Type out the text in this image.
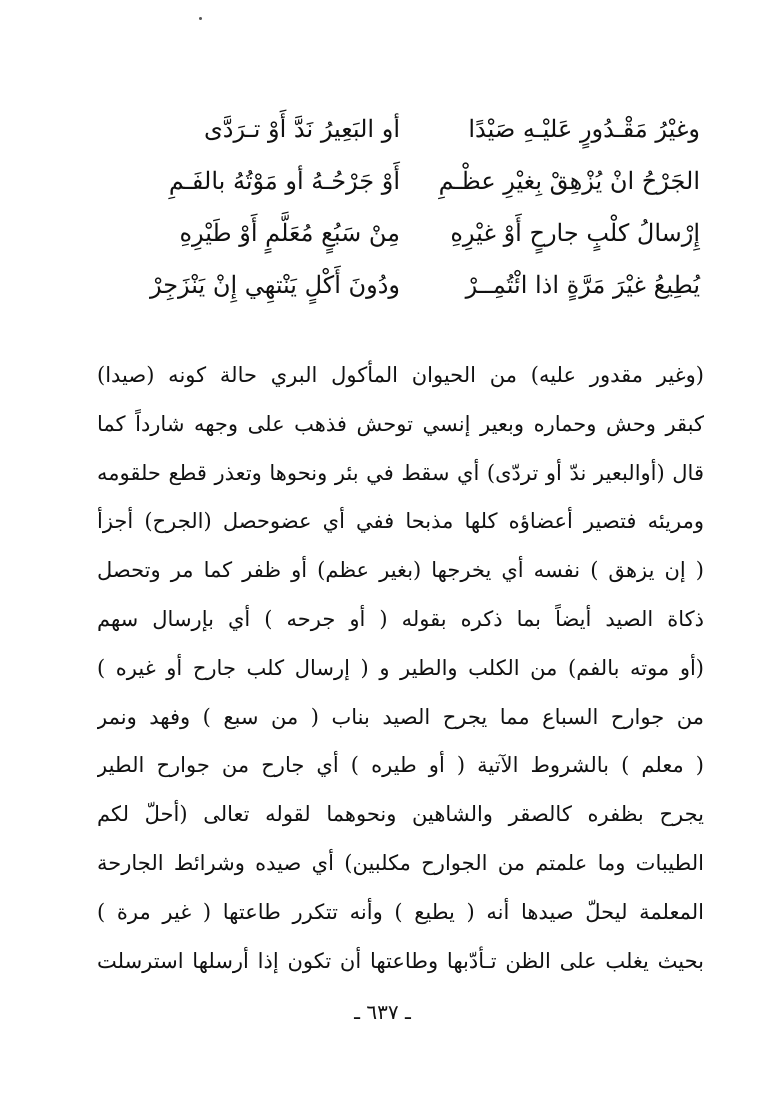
وغيْرُ مَقْـدُورٍ عَليْـهِ صَيْدًا
أو البَعِيرُ نَدَّ أَوْ تـرَدَّى
الجَرْحُ انْ يُزْهِقْ بِغيْرِ عظْـمِ
أَوْ جَرْحُـهُ أو مَوْتُهُ بالفَـمِ
إِرْسالُ كلْبٍ جارحٍ أَوْ غيْرِهِ
مِنْ سَبُعٍ مُعَلَّمٍ أَوْ طَيْرِهِ
يُطِيعُ غيْرَ مَرَّةٍ اذا ائْتُمِــرْ
ودُونَ أَكْلٍ يَنْتهِي إِنْ يَنْزَجِرْ
(وغير مقدور عليه) من الحيوان المأكول البري حالة كونه (صيدا)
كبقر وحش وحماره وبعير إنسي توحش فذهب على وجهه شارداً كما
قال (أوالبعير ندّ أو تردّى) أي سقط في بئر ونحوها وتعذر قطع حلقومه
ومريئه فتصير أعضاؤه كلها مذبحا ففي أي عضوحصل (الجرح) أجزأ
( إن يزهق ) نفسه أي يخرجها (بغير عظم) أو ظفر كما مر وتحصل
ذكاة الصيد أيضاً بما ذكره بقوله ( أو جرحه ) أي بإرسال سهم
(أو موته بالفم) من الكلب والطير و ( إرسال كلب جارح أو غيره )
من جوارح السباع مما يجرح الصيد بناب ( من سبع ) وفهد ونمر
( معلم ) بالشروط الآتية ( أو طيره ) أي جارح من جوارح الطير
يجرح بظفره كالصقر والشاهين ونحوهما لقوله تعالى (أحلّ لكم
الطيبات وما علمتم من الجوارح مكلبين) أي صيده وشرائط الجارحة
المعلمة ليحلّ صيدها أنه ( يطيع ) وأنه تتكرر طاعتها ( غير مرة )
بحيث يغلب على الظن تـأدّبها وطاعتها أن تكون إذا أرسلها استرسلت
ـ ٦٣٧ ـ
